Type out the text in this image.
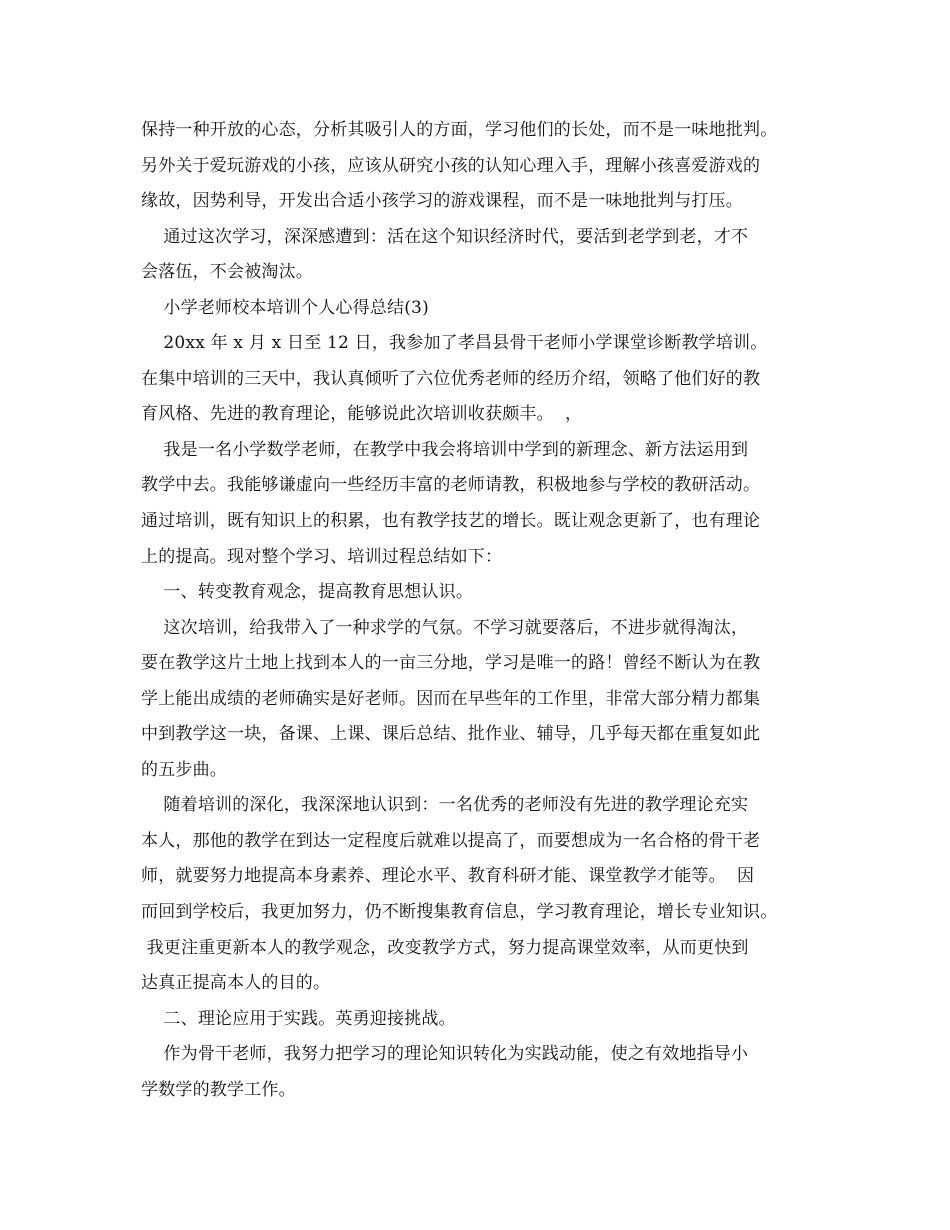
保持一种开放的心态，分析其吸引人的方面，学习他们的长处，而不是一味地批判。
另外关于爱玩游戏的小孩，应该从研究小孩的认知心理入手，理解小孩喜爱游戏的
缘故，因势利导，开发出合适小孩学习的游戏课程，而不是一味地批判与打压。
通过这次学习，深深感遭到：活在这个知识经济时代，要活到老学到老，才不
会落伍，不会被淘汰。
小学老师校本培训个人心得总结(3)
20xx 年 x 月 x 日至 12 日，我参加了孝昌县骨干老师小学课堂诊断教学培训。
在集中培训的三天中，我认真倾听了六位优秀老师的经历介绍，领略了他们好的教
育风格、先进的教育理论，能够说此次培训收获颇丰。  ，
我是一名小学数学老师，在教学中我会将培训中学到的新理念、新方法运用到
教学中去。我能够谦虚向一些经历丰富的老师请教，积极地参与学校的教研活动。
通过培训，既有知识上的积累，也有教学技艺的增长。既让观念更新了，也有理论
上的提高。现对整个学习、培训过程总结如下：
一、转变教育观念，提高教育思想认识。
这次培训，给我带入了一种求学的气氛。不学习就要落后，不进步就得淘汰，
要在教学这片土地上找到本人的一亩三分地，学习是唯一的路！曾经不断认为在教
学上能出成绩的老师确实是好老师。因而在早些年的工作里，非常大部分精力都集
中到教学这一块，备课、上课、课后总结、批作业、辅导，几乎每天都在重复如此
的五步曲。
随着培训的深化，我深深地认识到：一名优秀的老师没有先进的教学理论充实
本人，那他的教学在到达一定程度后就难以提高了，而要想成为一名合格的骨干老
师，就要努力地提高本身素养、理论水平、教育科研才能、课堂教学才能等。  因
而回到学校后，我更加努力，仍不断搜集教育信息，学习教育理论，增长专业知识。
我更注重更新本人的教学观念，改变教学方式，努力提高课堂效率，从而更快到
达真正提高本人的目的。
二、理论应用于实践。英勇迎接挑战。
作为骨干老师，我努力把学习的理论知识转化为实践动能，使之有效地指导小
学数学的教学工作。
